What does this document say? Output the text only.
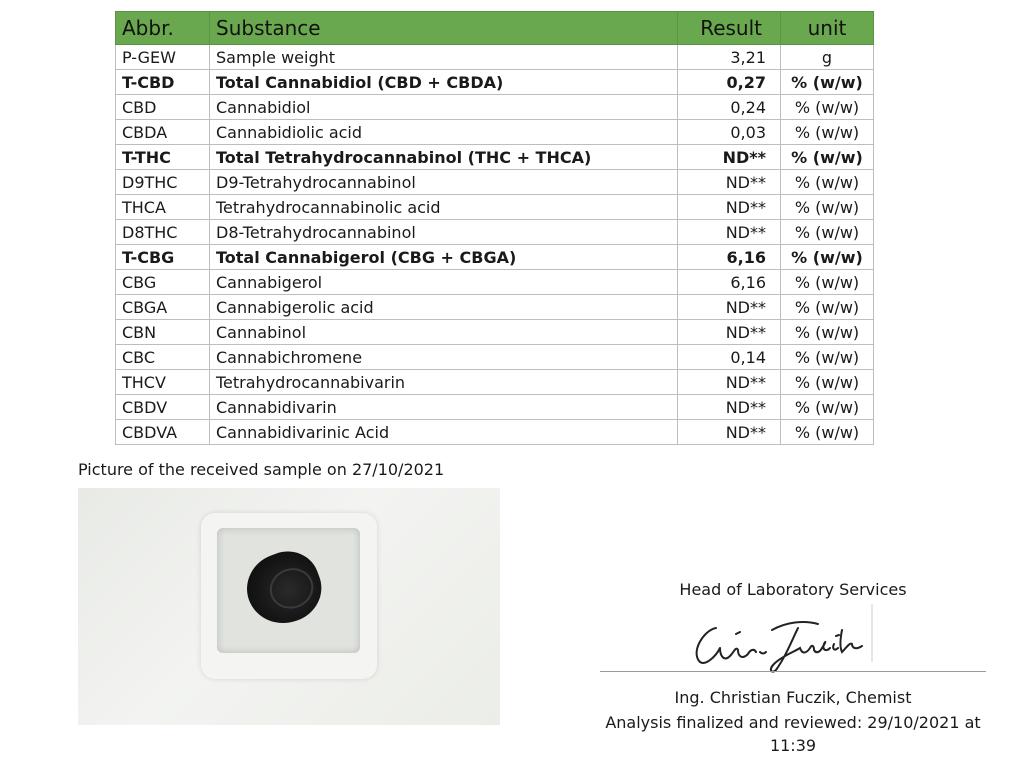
Abbr.	Substance	Result	unit
P-GEW	Sample weight	3,21	g
T-CBD	Total Cannabidiol (CBD + CBDA)	0,27	% (w/w)
CBD	Cannabidiol	0,24	% (w/w)
CBDA	Cannabidiolic acid	0,03	% (w/w)
T-THC	Total Tetrahydrocannabinol (THC + THCA)	ND**	% (w/w)
D9THC	D9-Tetrahydrocannabinol	ND**	% (w/w)
THCA	Tetrahydrocannabinolic acid	ND**	% (w/w)
D8THC	D8-Tetrahydrocannabinol	ND**	% (w/w)
T-CBG	Total Cannabigerol (CBG + CBGA)	6,16	% (w/w)
CBG	Cannabigerol	6,16	% (w/w)
CBGA	Cannabigerolic acid	ND**	% (w/w)
CBN	Cannabinol	ND**	% (w/w)
CBC	Cannabichromene	0,14	% (w/w)
THCV	Tetrahydrocannabivarin	ND**	% (w/w)
CBDV	Cannabidivarin	ND**	% (w/w)
CBDVA	Cannabidivarinic Acid	ND**	% (w/w)
Picture of the received sample on 27/10/2021
Head of Laboratory Services
Ing. Christian Fuczik, Chemist
Analysis finalized and reviewed: 29/10/2021 at 11:39
